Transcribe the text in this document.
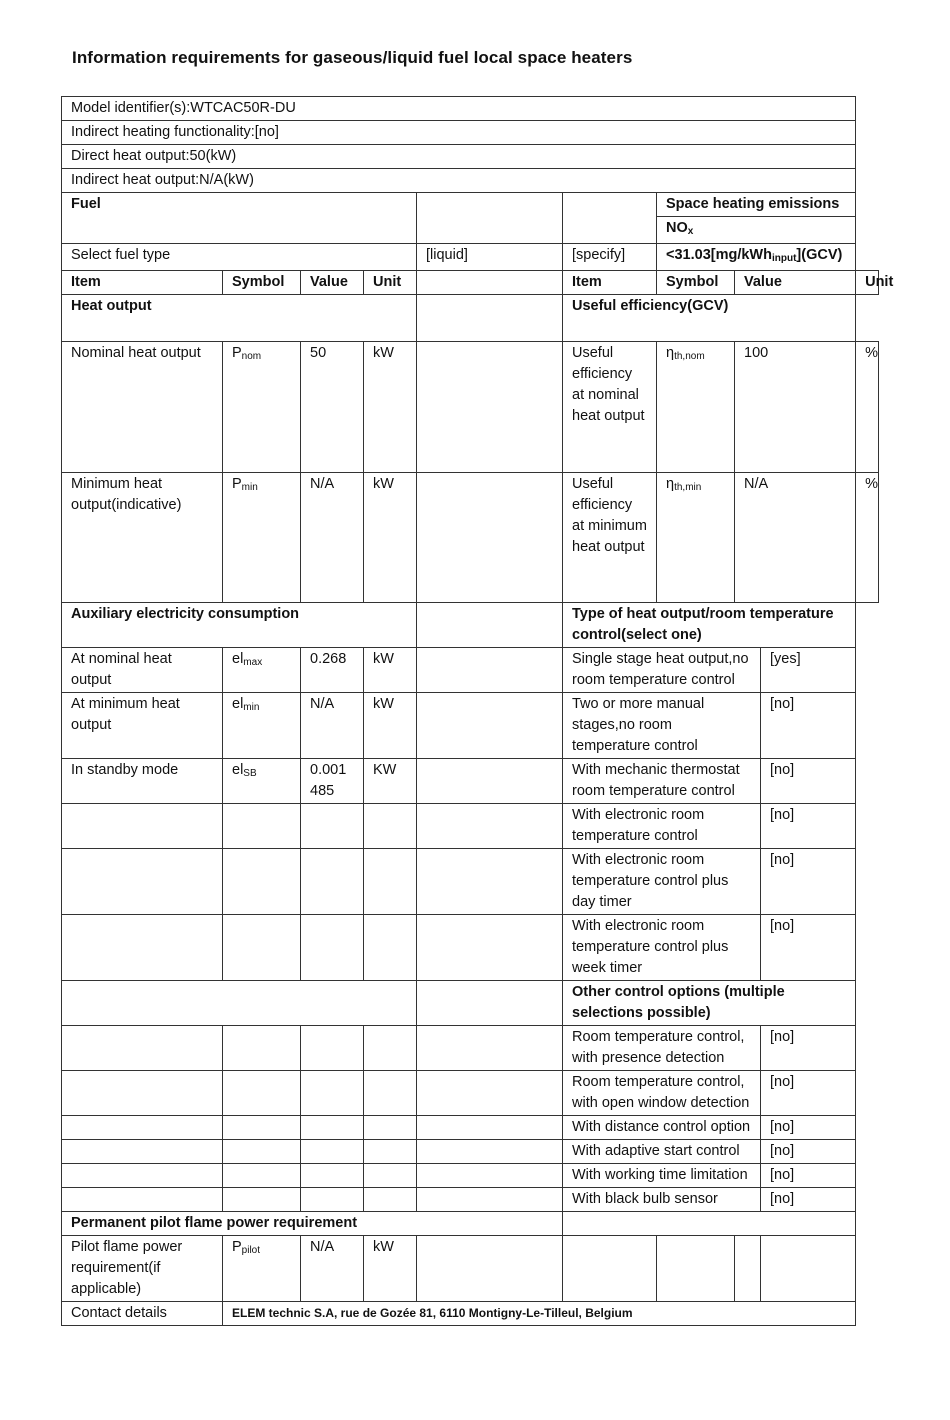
Information requirements for gaseous/liquid fuel local space heaters
Model identifier(s):WTCAC50R-DU									
Indirect heating functionality:[no]									
Direct heat output:50(kW)									
Indirect heat output:N/A(kW)									
Fuel						Space heating emissions			
						$NO_x$
Select fuel type				[liquid]	[specify]	<31.03[mg/kWh$_{input}$](GCV)			
Item	Symbol	Value	Unit		Item	Symbol	Value		Unit
Heat output					Useful efficiency(GCV)				
Nominal heat output	$P_{nom}$	50	kW		Useful efficiency at nominal heat output	$\eta_{th,nom}$	100		%
Minimum heat output(indicative)	$P_{min}$	N/A	kW		Useful efficiency at minimum heat output	$\eta_{th,min}$	N/A		%
Auxiliary electricity consumption					Type of heat output/room temperature control(select one)				
At nominal heat output	$el_{max}$	0.268	kW		Single stage heat output,no room temperature control			[yes]	
At minimum heat output	$el_{min}$	N/A	kW		Two or more manual stages,no room temperature control			[no]	
In standby mode	$el_{SB}$	0.001 485	KW		With mechanic thermostat room temperature control			[no]	
					With electronic room temperature control			[no]	
					With electronic room temperature control plus day timer			[no]	
					With electronic room temperature control plus week timer			[no]	
					Other control options (multiple selections possible)				
					Room temperature control, with presence detection			[no]	
					Room temperature control, with open window detection			[no]	
					With distance control option			[no]	
					With adaptive start control			[no]	
					With working time limitation			[no]	
					With black bulb sensor			[no]	
Permanent pilot flame power requirement									
Pilot flame power requirement(if applicable)	$P_{pilot}$	N/A	kW						
Contact details	ELEM technic S.A, rue de Gozée 81, 6110 Montigny-Le-Tilleul, Belgium								
